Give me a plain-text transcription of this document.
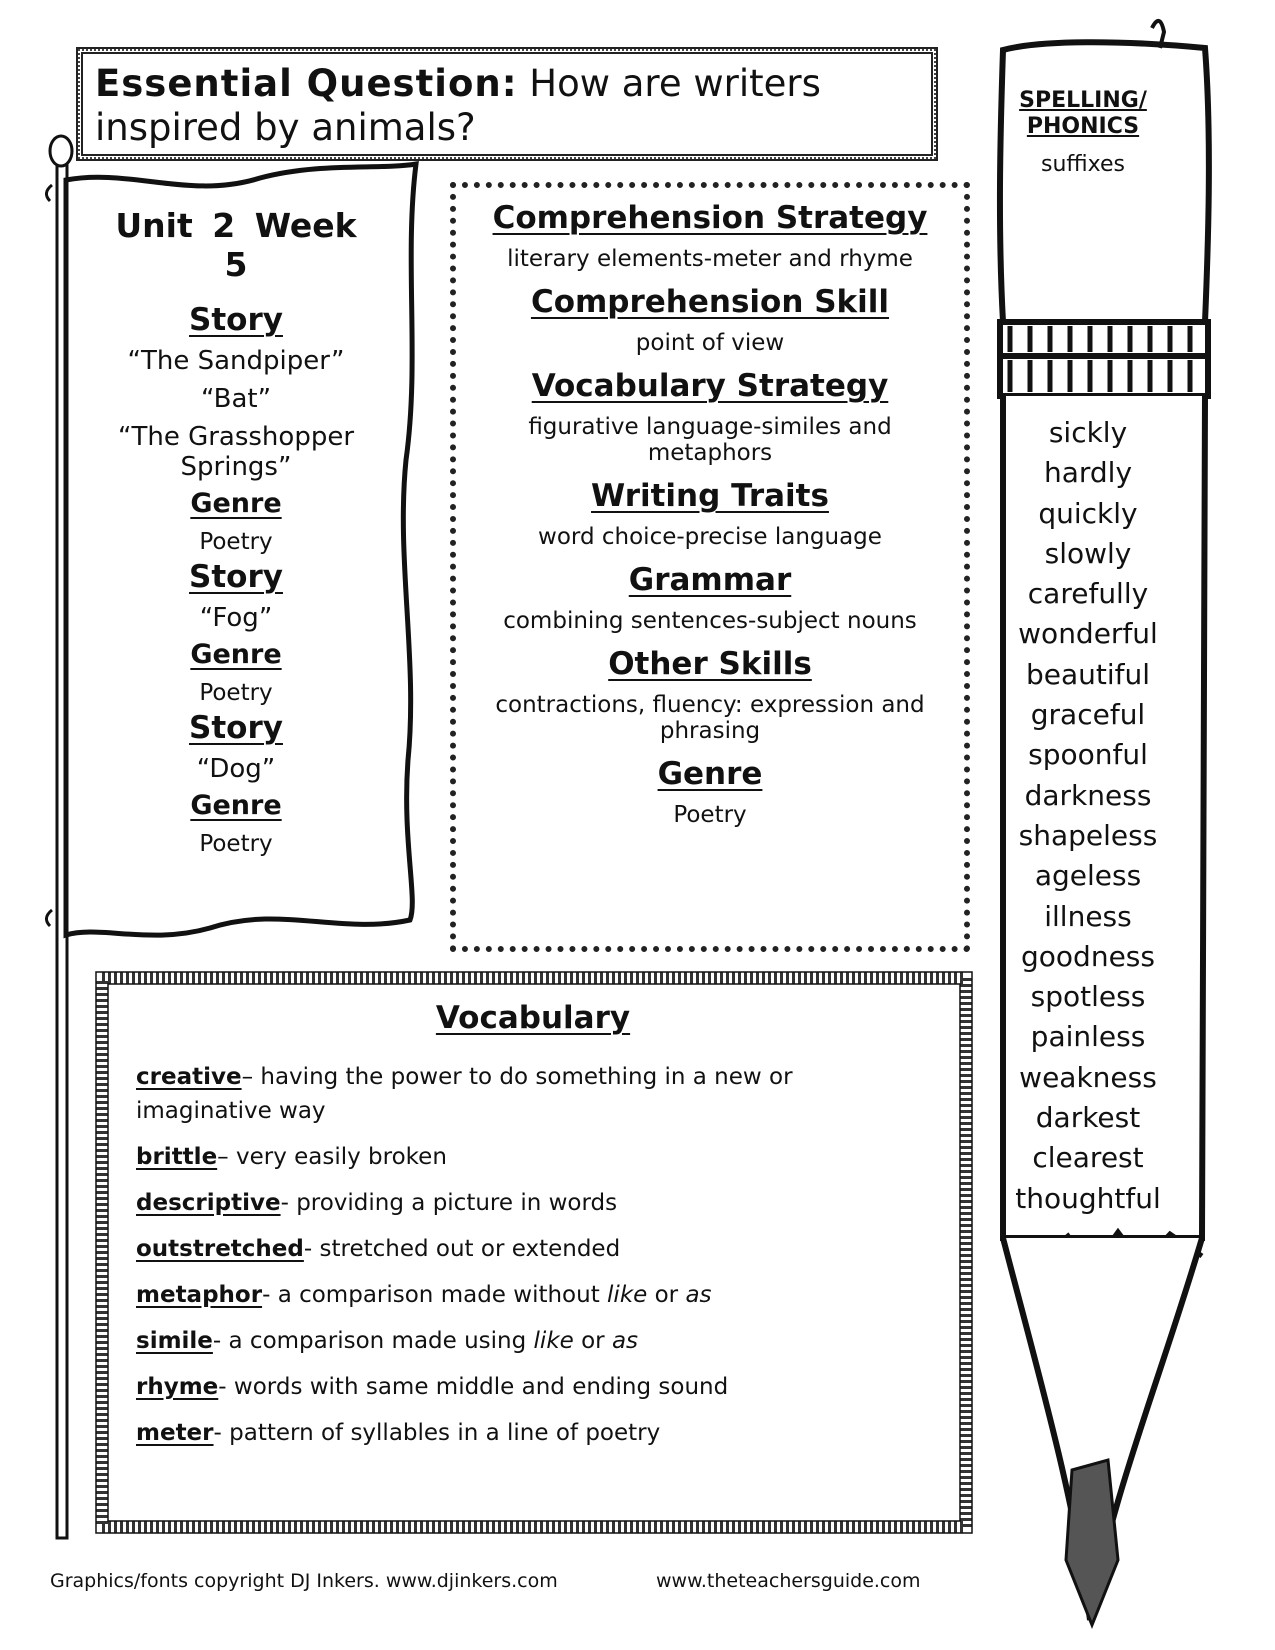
Essential Question: How are writers inspired by animals?
Unit 2 Week 5
Story
“The Sandpiper”
“Bat”
“The Grasshopper Springs”
Genre
Poetry
Story
“Fog”
Genre
Poetry
Story
“Dog”
Genre
Poetry
Comprehension Strategy
literary elements-meter and rhyme
Comprehension Skill
point of view
Vocabulary Strategy
figurative language-similes and metaphors
Writing Traits
word choice-precise language
Grammar
combining sentences-subject nouns
Other Skills
contractions, fluency: expression and phrasing
Genre
Poetry
Vocabulary
creative– having the power to do something in a new or imaginative way
brittle– very easily broken
descriptive- providing a picture in words
outstretched- stretched out or extended
metaphor- a comparison made without like or as
simile- a comparison made using like or as
rhyme- words with same middle and ending sound
meter- pattern of syllables in a line of poetry
SPELLING/
PHONICS
suffixes
sickly
hardly
quickly
slowly
carefully
wonderful
beautiful
graceful
spoonful
darkness
shapeless
ageless
illness
goodness
spotless
painless
weakness
darkest
clearest
thoughtful
Graphics/fonts copyright DJ Inkers. www.djinkers.com	www.theteachersguide.com
